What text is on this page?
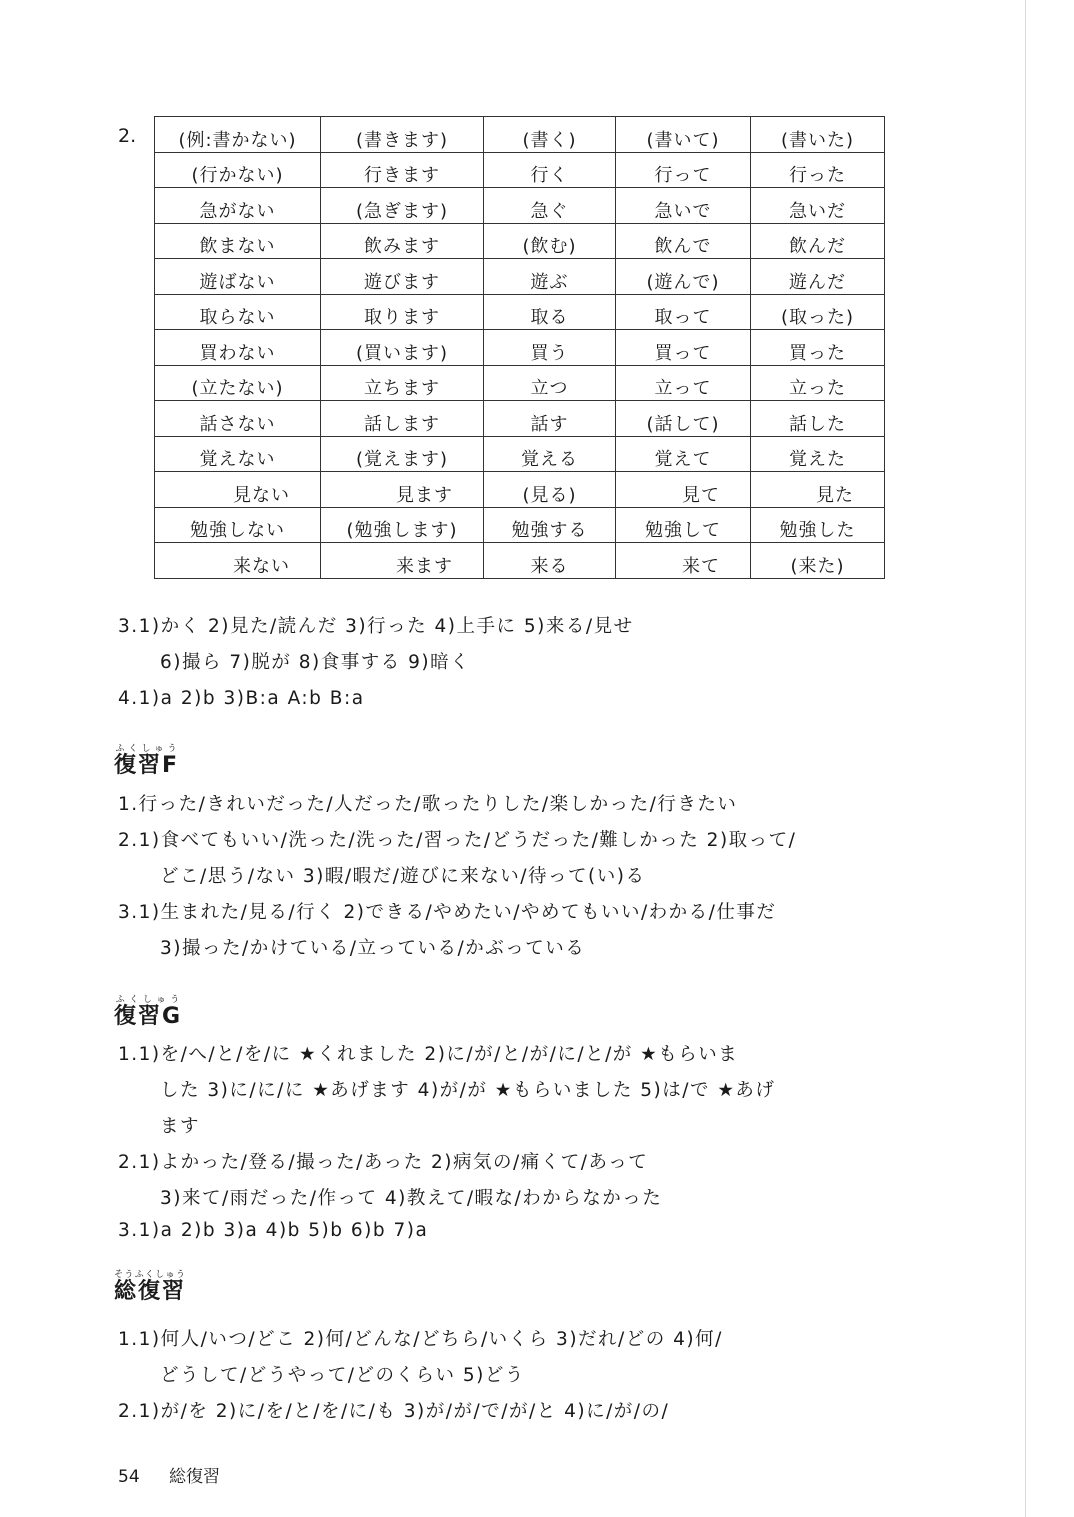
2. (例:書かない)	(書きます)	(書く)	(書いて)	(書いた)
(行かない)	行きます	行く	行って	行った
急がない	(急ぎます)	急ぐ	急いで	急いだ
飲まない	飲みます	(飲む)	飲んで	飲んだ
遊ばない	遊びます	遊ぶ	(遊んで)	遊んだ
取らない	取ります	取る	取って	(取った)
買わない	(買います)	買う	買って	買った
(立たない)	立ちます	立つ	立って	立った
話さない	話します	話す	(話して)	話した
覚えない	(覚えます)	覚える	覚えて	覚えた
見ない	見ます	(見る)	見て	見た
勉強しない	(勉強します)	勉強する	勉強して	勉強した
来ない	来ます	来る	来て	(来た)
3.1)かく 2)見た/読んだ 3)行った 4)上手に 5)来る/見せ
6)撮ら 7)脱が 8)食事する 9)暗く
4.1)a 2)b 3)B:a A:b B:a
復習Fふくしゅう
1.行った/きれいだった/人だった/歌ったりした/楽しかった/行きたい
2.1)食べてもいい/洗った/洗った/習った/どうだった/難しかった 2)取って/
どこ/思う/ない 3)暇/暇だ/遊びに来ない/待って(い)る
3.1)生まれた/見る/行く 2)できる/やめたい/やめてもいい/わかる/仕事だ
3)撮った/かけている/立っている/かぶっている
復習Gふくしゅう
1.1)を/へ/と/を/に ★くれました 2)に/が/と/が/に/と/が ★もらいま
した 3)に/に/に ★あげます 4)が/が ★もらいました 5)は/で ★あげ
ます
2.1)よかった/登る/撮った/あった 2)病気の/痛くて/あって
3)来て/雨だった/作って 4)教えて/暇な/わからなかった
3.1)a 2)b 3)a 4)b 5)b 6)b 7)a
総復習そうふくしゅう
1.1)何人/いつ/どこ 2)何/どんな/どちら/いくら 3)だれ/どの 4)何/
どうして/どうやって/どのくらい 5)どう
2.1)が/を 2)に/を/と/を/に/も 3)が/が/で/が/と 4)に/が/の/
54 総復習
